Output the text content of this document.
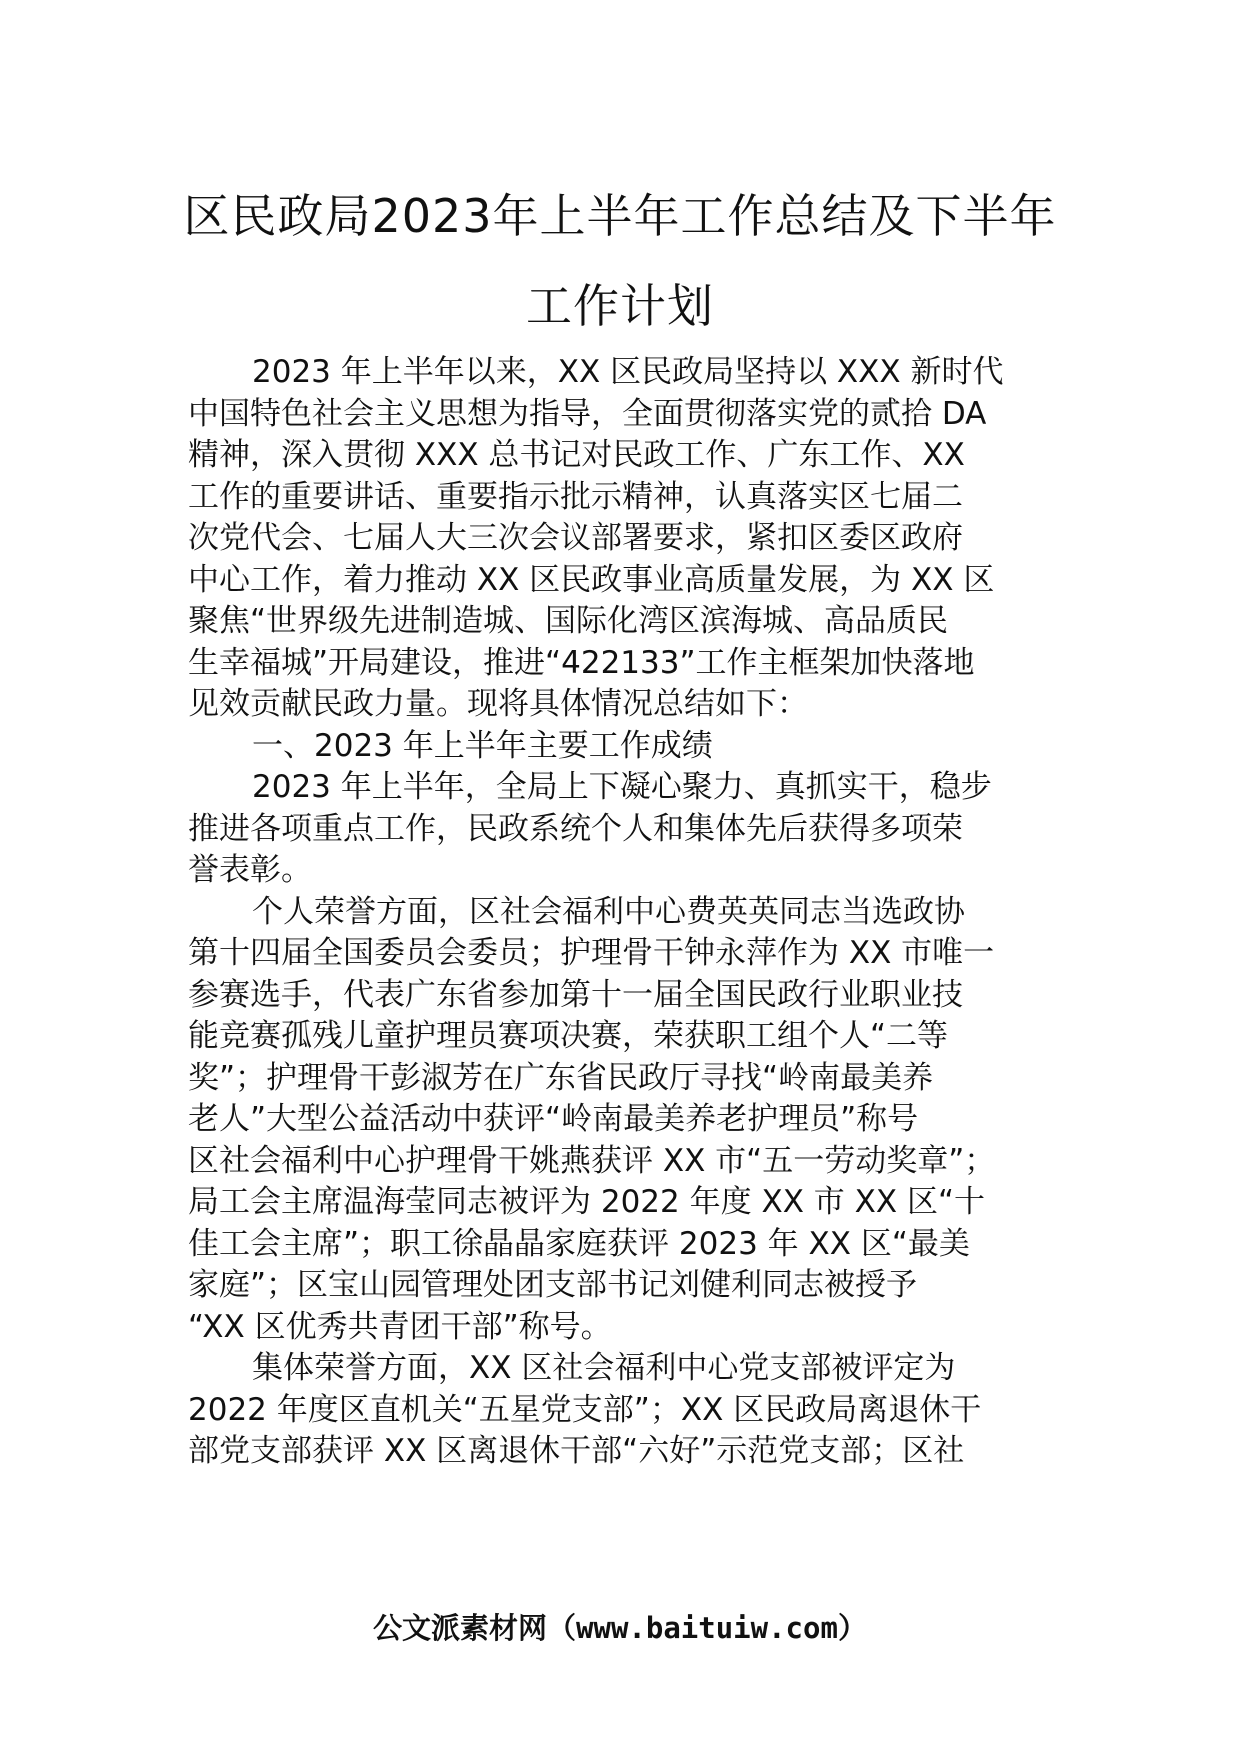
区民政局2023年上半年工作总结及下半年
工作计划
2023 年上半年以来，XX 区民政局坚持以 XXX 新时代
中国特色社会主义思想为指导，全面贯彻落实党的贰拾 DA
精神，深入贯彻 XXX 总书记对民政工作、广东工作、XX
工作的重要讲话、重要指示批示精神，认真落实区七届二
次党代会、七届人大三次会议部署要求，紧扣区委区政府
中心工作，着力推动 XX 区民政事业高质量发展，为 XX 区
聚焦“世界级先进制造城、国际化湾区滨海城、高品质民
生幸福城”开局建设，推进“422133”工作主框架加快落地
见效贡献民政力量。现将具体情况总结如下：
一、2023 年上半年主要工作成绩
2023 年上半年，全局上下凝心聚力、真抓实干，稳步
推进各项重点工作，民政系统个人和集体先后获得多项荣
誉表彰。
个人荣誉方面，区社会福利中心费英英同志当选政协
第十四届全国委员会委员；护理骨干钟永萍作为 XX 市唯一
参赛选手，代表广东省参加第十一届全国民政行业职业技
能竞赛孤残儿童护理员赛项决赛，荣获职工组个人“二等
奖”；护理骨干彭淑芳在广东省民政厅寻找“岭南最美养
老人”大型公益活动中获评“岭南最美养老护理员”称号
区社会福利中心护理骨干姚燕获评 XX 市“五一劳动奖章”；
局工会主席温海莹同志被评为 2022 年度 XX 市 XX 区“十
佳工会主席”；职工徐晶晶家庭获评 2023 年 XX 区“最美
家庭”；区宝山园管理处团支部书记刘健利同志被授予
“XX 区优秀共青团干部”称号。
集体荣誉方面，XX 区社会福利中心党支部被评定为
2022 年度区直机关“五星党支部”；XX 区民政局离退休干
部党支部获评 XX 区离退休干部“六好”示范党支部；区社
公文派素材网（www.baituiw.com）
